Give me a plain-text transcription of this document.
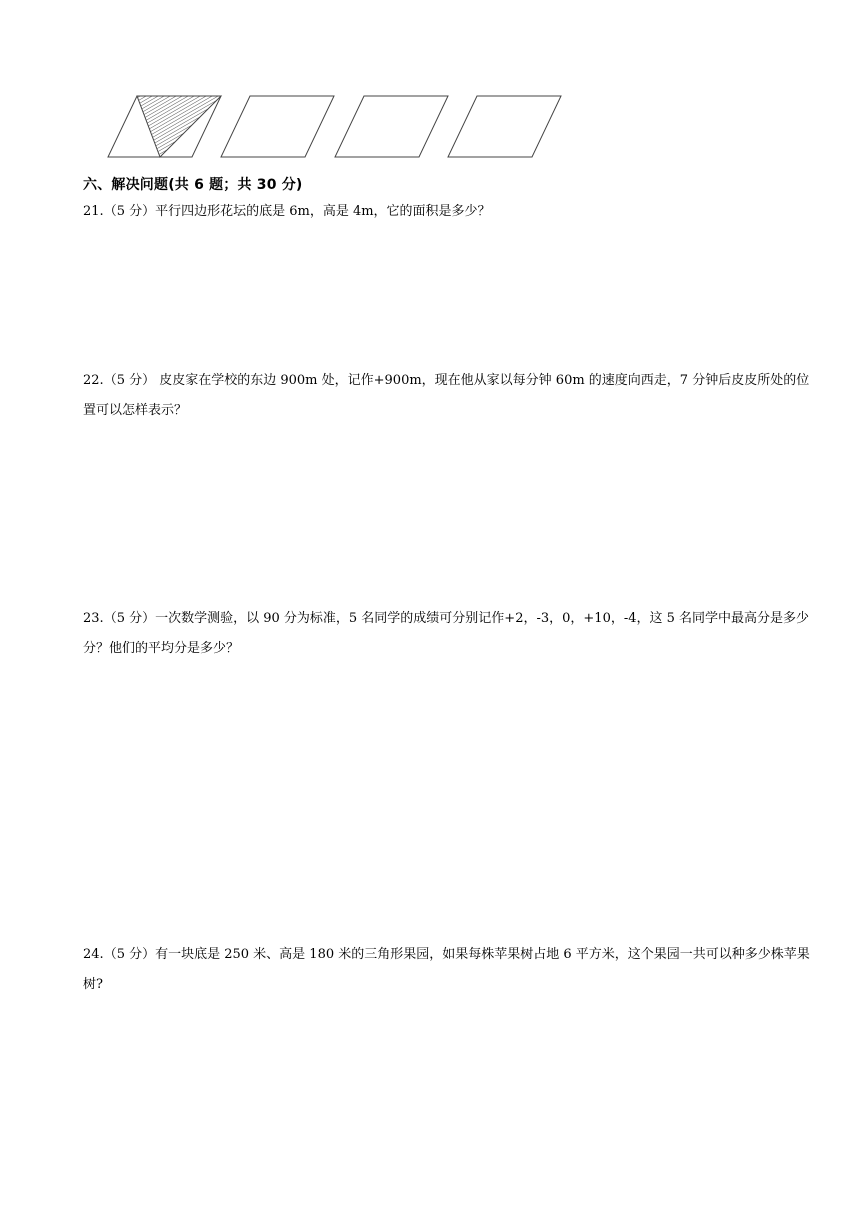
六、解决问题(共 6 题；共 30 分)
21.（5 分）平行四边形花坛的底是 6m，高是 4m，它的面积是多少？
22.（5 分） 皮皮家在学校的东边 900m 处，记作+900m，现在他从家以每分钟 60m 的速度向西走，7 分钟后皮皮所处的位置可以怎样表示？
23.（5 分）一次数学测验，以 90 分为标准，5 名同学的成绩可分别记作+2，-3，0，+10，-4，这 5 名同学中最高分是多少分？他们的平均分是多少？
24.（5 分）有一块底是 250 米、高是 180 米的三角形果园，如果每株苹果树占地 6 平方米，这个果园一共可以种多少株苹果树?
